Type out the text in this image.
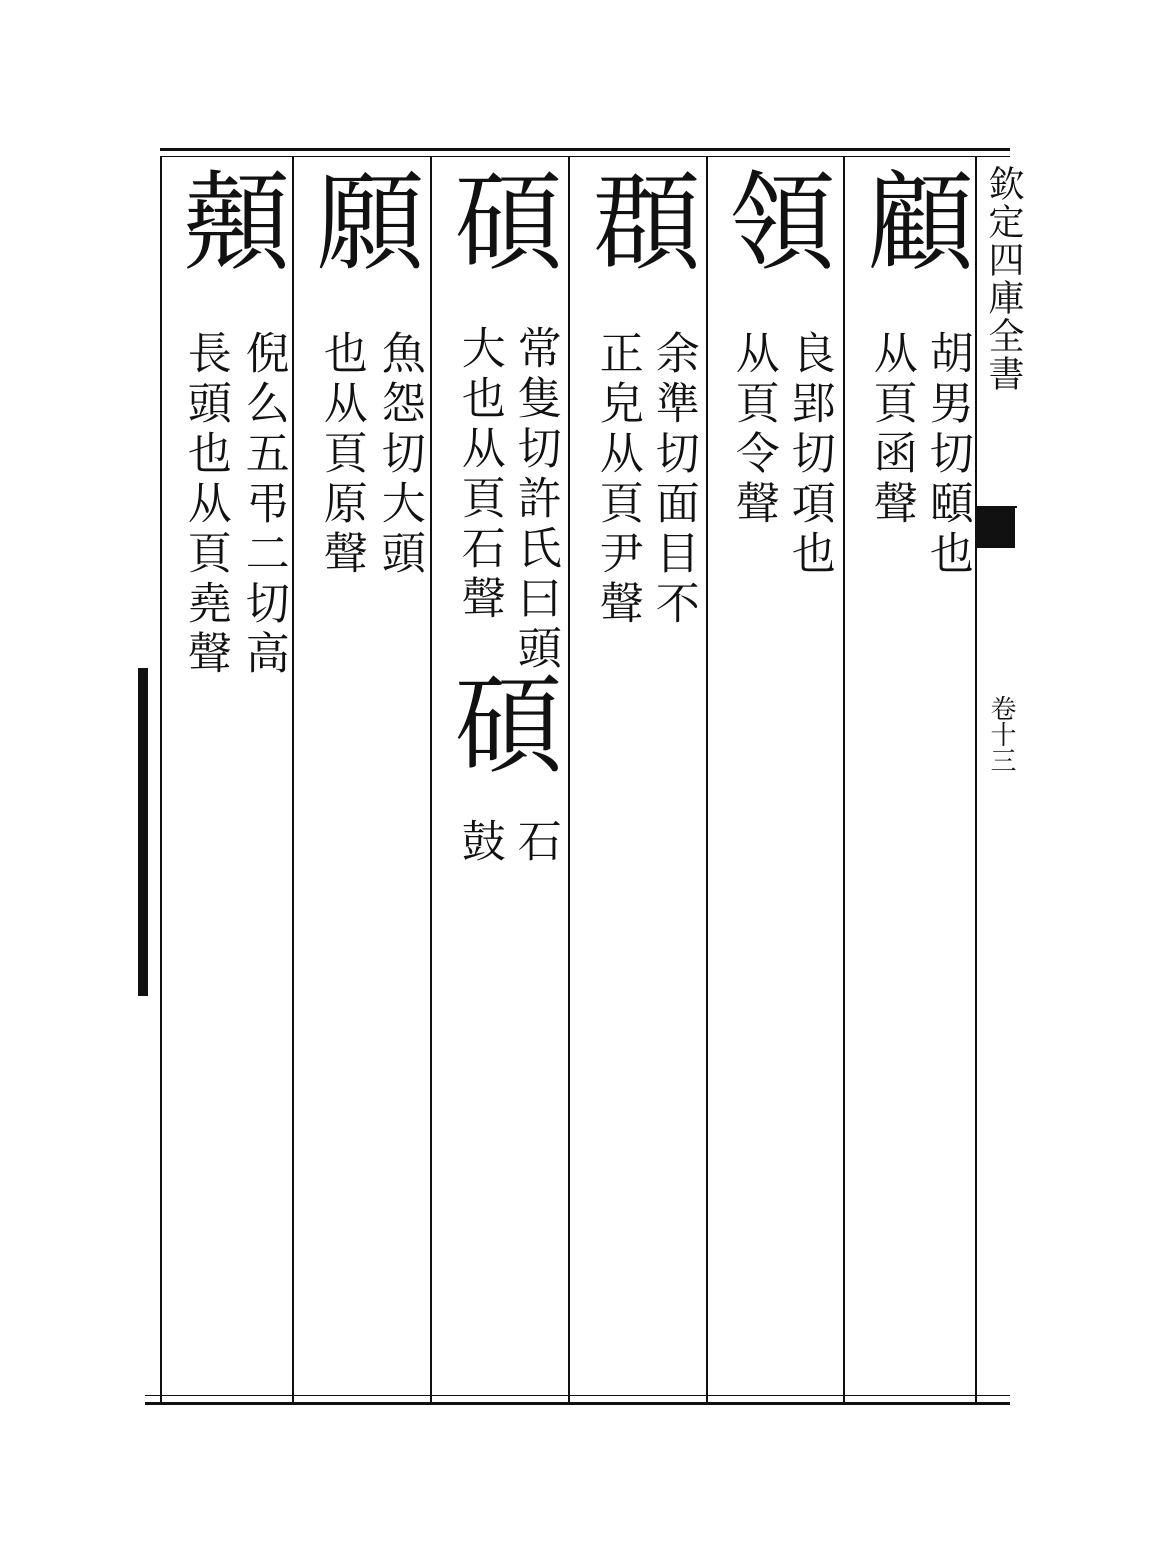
欽定四庫全書
卷十三
顧
胡男切頤也
从頁函聲
領
良郢切項也
从頁令聲
頵
余準切面目不
正皃从頁尹聲
碩
常隻切許氏曰頭
大也从頁石聲
碩
石
鼓
願
魚怨切大頭
也从頁原聲
顤
倪么五弔二切高
長頭也从頁堯聲
